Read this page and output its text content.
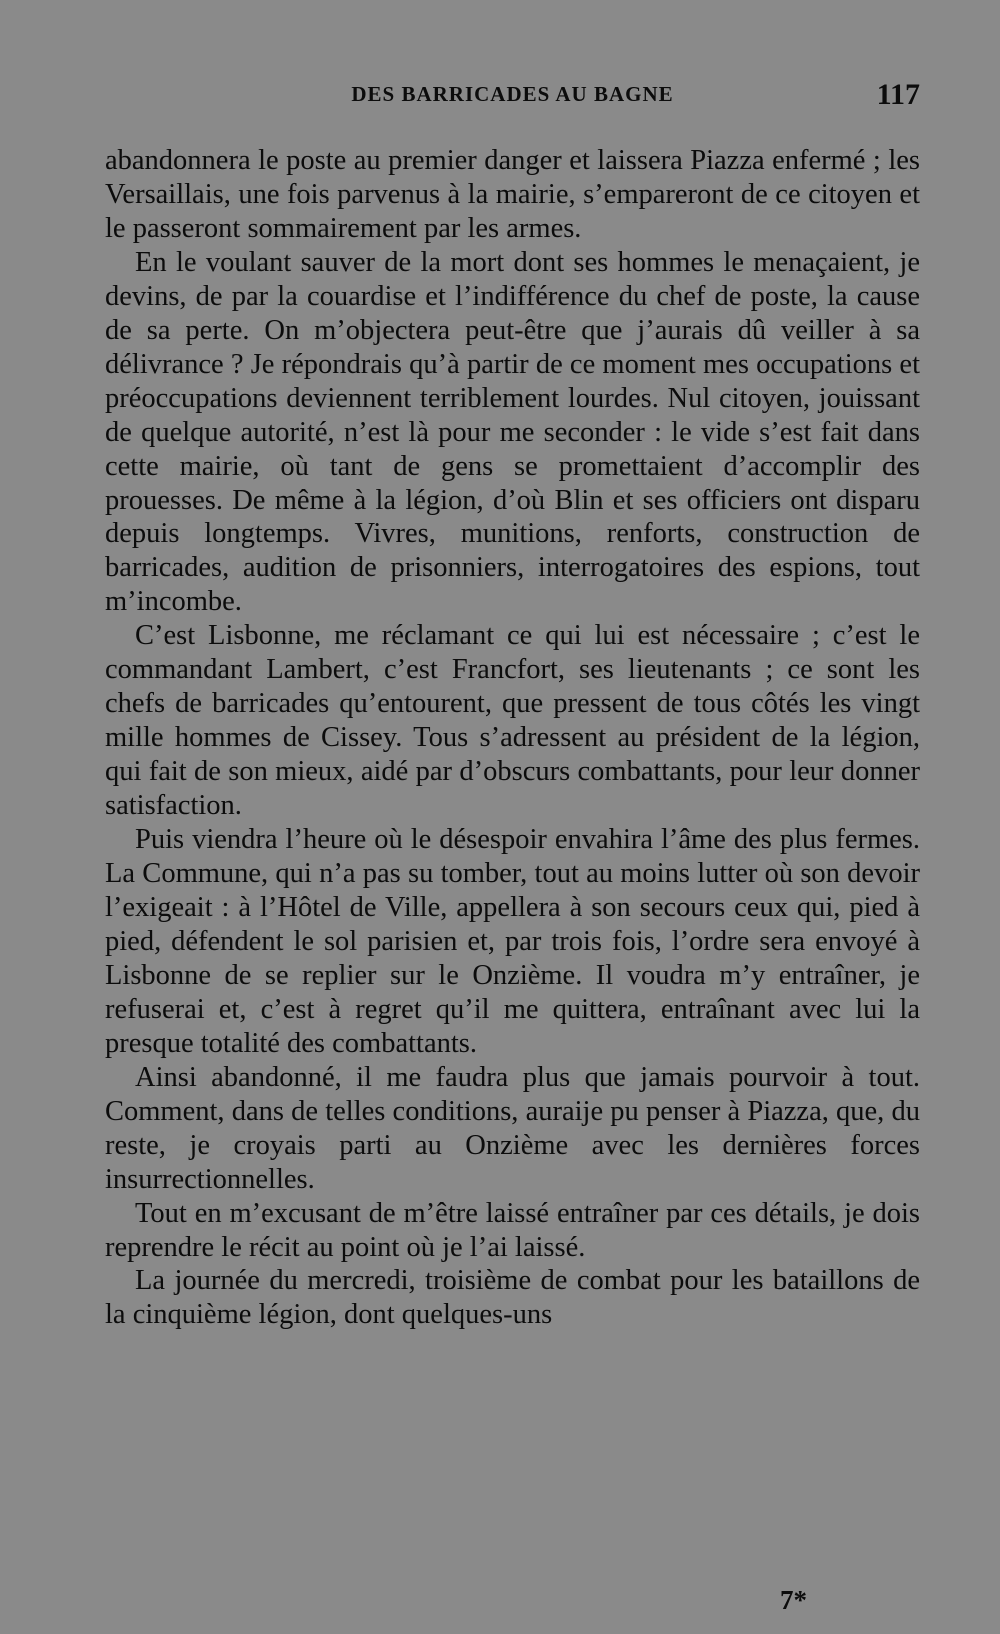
DES BARRICADES AU BAGNE	117

abandonnera le poste au premier danger et laissera Piazza enfermé ; les Versaillais, une fois parvenus à la mairie, s’empareront de ce citoyen et le passeront sommairement par les armes.

En le voulant sauver de la mort dont ses hommes le menaçaient, je devins, de par la couardise et l’indifférence du chef de poste, la cause de sa perte. On m’objectera peut-être que j’aurais dû veiller à sa délivrance ? Je répondrais qu’à partir de ce moment mes occupations et préoccupations deviennent terriblement lourdes. Nul citoyen, jouissant de quelque autorité, n’est là pour me seconder : le vide s’est fait dans cette mairie, où tant de gens se promettaient d’accomplir des prouesses. De même à la légion, d’où Blin et ses officiers ont disparu depuis longtemps. Vivres, munitions, renforts, construction de barricades, audition de prisonniers, interrogatoires des espions, tout m’incombe.

C’est Lisbonne, me réclamant ce qui lui est nécessaire ; c’est le commandant Lambert, c’est Francfort, ses lieutenants ; ce sont les chefs de barricades qu’entourent, que pressent de tous côtés les vingt mille hommes de Cissey. Tous s’adressent au président de la légion, qui fait de son mieux, aidé par d’obscurs combattants, pour leur donner satisfaction.

Puis viendra l’heure où le désespoir envahira l’âme des plus fermes. La Commune, qui n’a pas su tomber, tout au moins lutter où son devoir l’exigeait : à l’Hôtel de Ville, appellera à son secours ceux qui, pied à pied, défendent le sol parisien et, par trois fois, l’ordre sera envoyé à Lisbonne de se replier sur le Onzième. Il voudra m’y entraîner, je refuserai et, c’est à regret qu’il me quittera, entraînant avec lui la presque totalité des combattants.

Ainsi abandonné, il me faudra plus que jamais pourvoir à tout. Comment, dans de telles conditions, auraije pu penser à Piazza, que, du reste, je croyais parti au Onzième avec les dernières forces insurrectionnelles.

Tout en m’excusant de m’être laissé entraîner par ces détails, je dois reprendre le récit au point où je l’ai laissé.

La journée du mercredi, troisième de combat pour les bataillons de la cinquième légion, dont quelques-uns

7*
